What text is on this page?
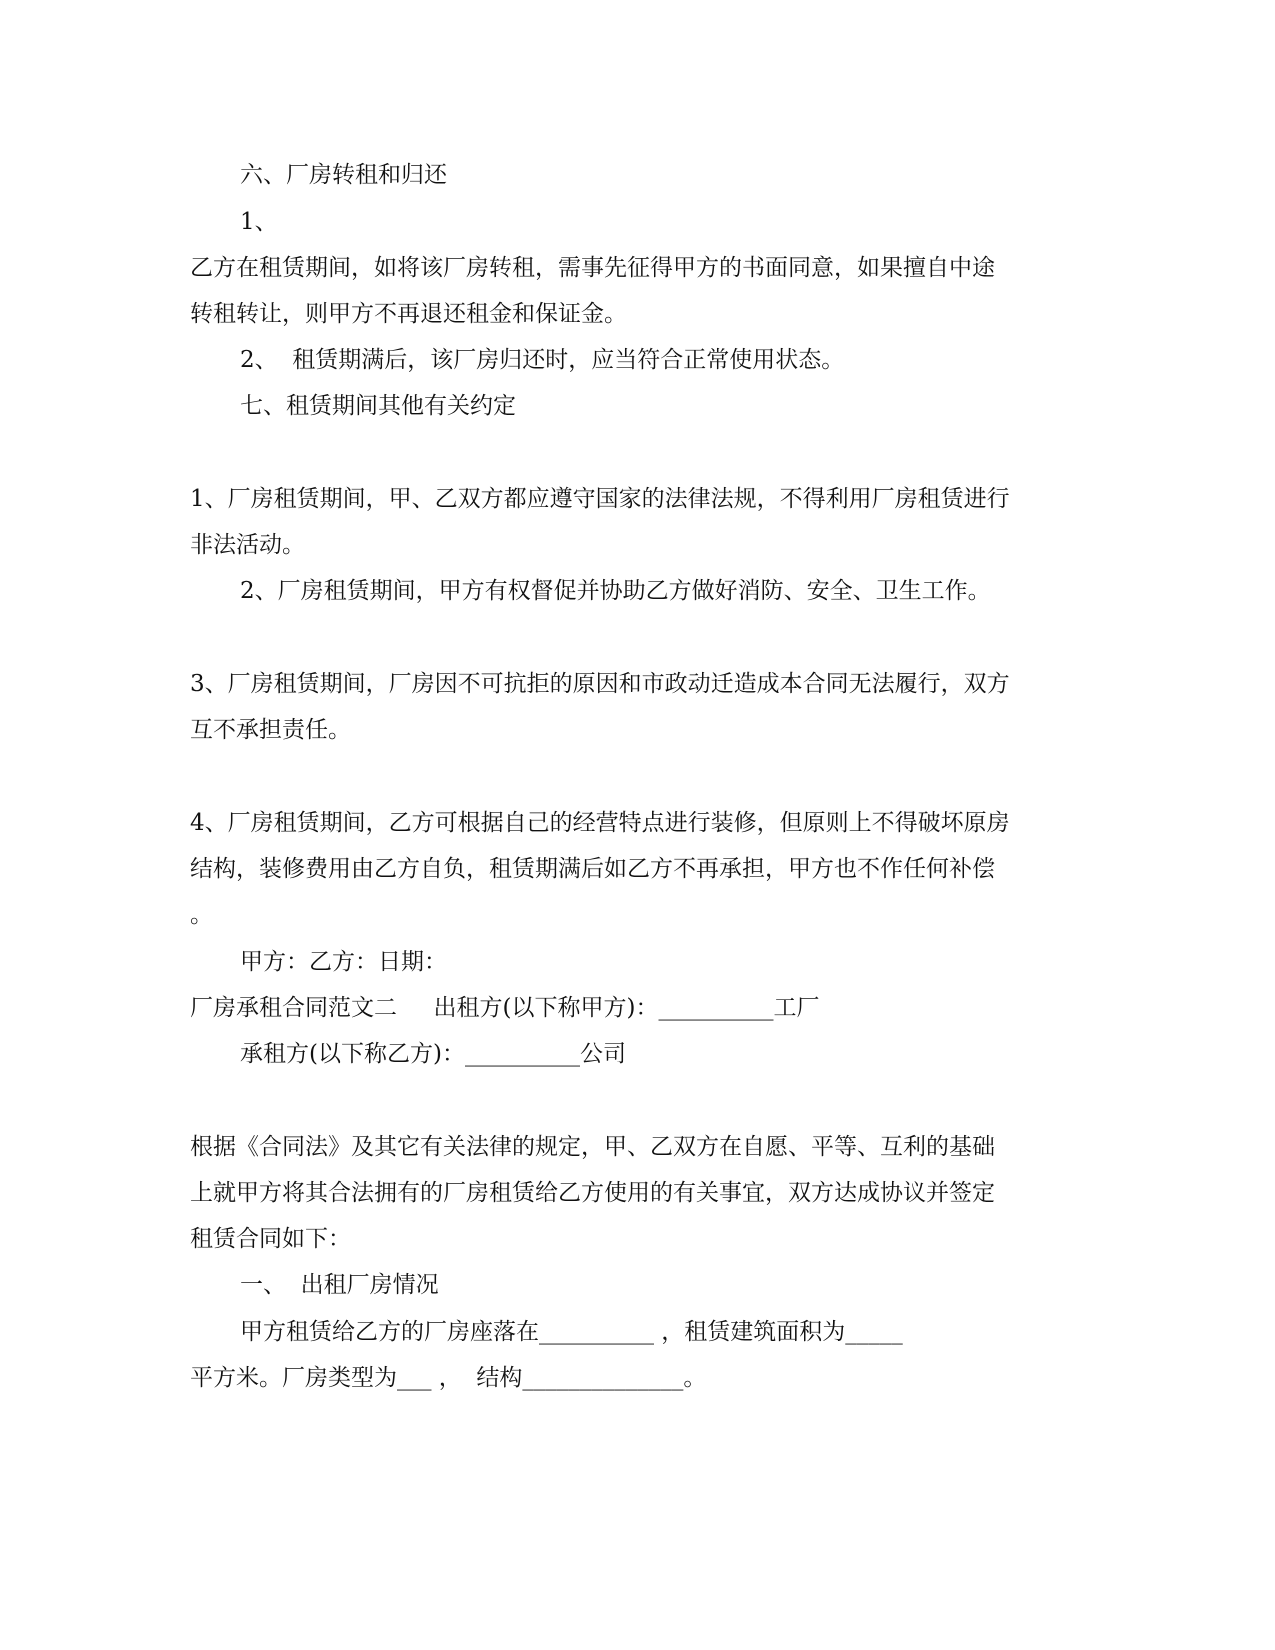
六、厂房转租和归还
1、
乙方在租赁期间，如将该厂房转租，需事先征得甲方的书面同意，如果擅自中途
转租转让，则甲方不再退还租金和保证金。
2、  租赁期满后，该厂房归还时，应当符合正常使用状态。
七、租赁期间其他有关约定
1、厂房租赁期间，甲、乙双方都应遵守国家的法律法规，不得利用厂房租赁进行
非法活动。
2、厂房租赁期间，甲方有权督促并协助乙方做好消防、安全、卫生工作。
3、厂房租赁期间，厂房因不可抗拒的原因和市政动迁造成本合同无法履行，双方
互不承担责任。
4、厂房租赁期间，乙方可根据自己的经营特点进行装修，但原则上不得破坏原房
结构，装修费用由乙方自负，租赁期满后如乙方不再承担，甲方也不作任何补偿
。
甲方：乙方：日期：
厂房承租合同范文二     出租方(以下称甲方)：__________工厂
承租方(以下称乙方)：__________公司
根据《合同法》及其它有关法律的规定，甲、乙双方在自愿、平等、互利的基础
上就甲方将其合法拥有的厂房租赁给乙方使用的有关事宜，双方达成协议并签定
租赁合同如下：
一、  出租厂房情况
甲方租赁给乙方的厂房座落在__________ ，租赁建筑面积为_____
平方米。厂房类型为___ ，  结构______________。
